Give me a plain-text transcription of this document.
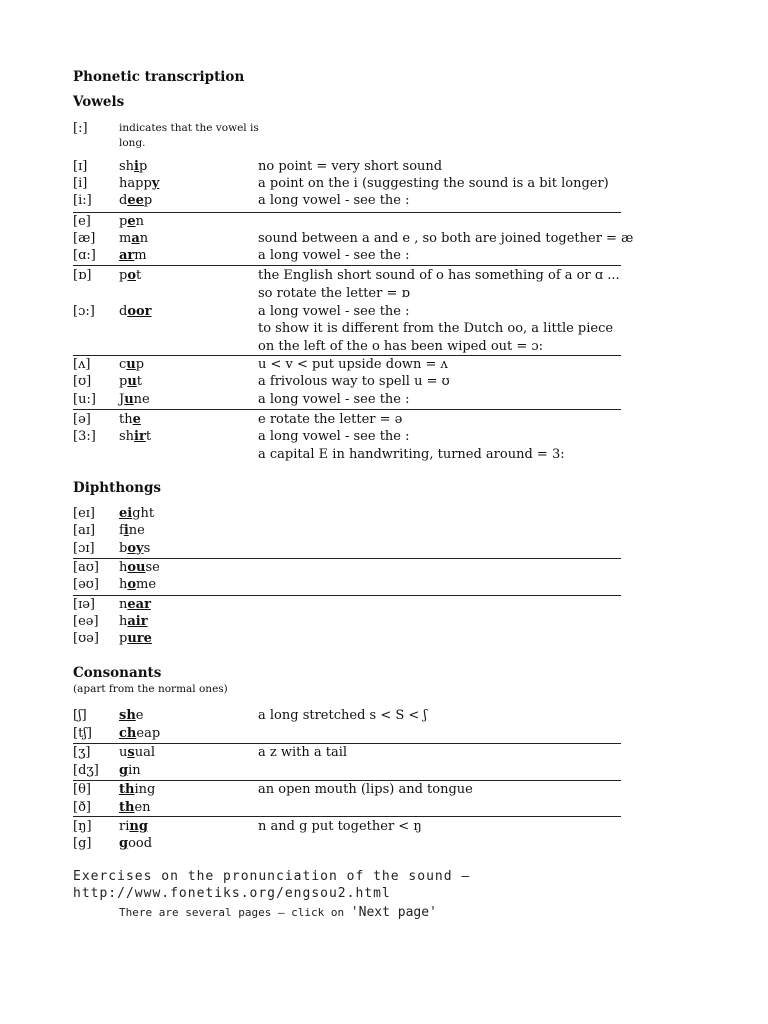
Phonetic transcription
Vowels
[:]	indicates that the vowel is long.
[ɪ] ship	no point = very short sound
[i] happy	a point on the i (suggesting the sound is a bit longer)
[i:] deep	a long vowel - see the :
[e] pen
[æ] man	sound between a and e , so both are joined together = æ
[ɑ:] arm	a long vowel - see the :
[ɒ] pot	the English short sound of o has something of a or ɑ ...
so rotate the letter = ɒ
[ɔ:] door	a long vowel - see the :
to show it is different from the Dutch oo, a little piece
on the left of the o has been wiped out = ɔ:
[ʌ] cup	u < v < put upside down = ʌ
[ʊ] put	a frivolous way to spell u = ʊ
[u:] June	a long vowel - see the :
[ə] the	e rotate the letter = ə
[3:] shirt	a long vowel - see the :
a capital E in handwriting, turned around = 3:
Diphthongs
[eɪ] eight
[aɪ] fine
[ɔɪ] boys
[aʊ] house
[əʊ] home
[ɪə] near
[eə] hair
[ʊə] pure
Consonants
(apart from the normal ones)
[ʃ] she	a long stretched s < S < ʃ
[tʃ] cheap
[ʒ] usual	a z with a tail
[dʒ] gin
[θ] thing	an open mouth (lips) and tongue
[ð] then
[ŋ] ring	n and g put together < ŋ
[g] good
Exercises on the pronunciation of the sound –
http://www.fonetiks.org/engsou2.html
There are several pages – click on 'Next page'
